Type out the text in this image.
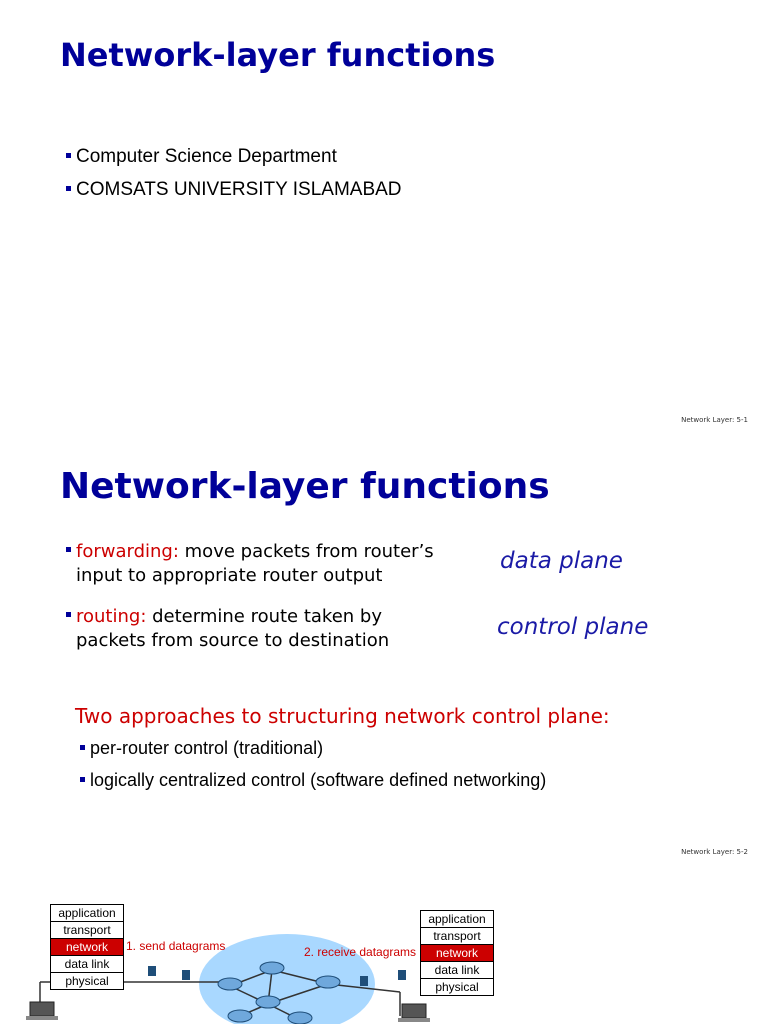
Network-layer functions
Computer Science Department
COMSATS UNIVERSITY ISLAMABAD
Network Layer: 5-1
Network-layer functions
forwarding: move packets from router’s input to appropriate router output
data plane
routing: determine route taken by packets from source to destination
control plane
Two approaches to structuring network control plane:
per-router control (traditional)
logically centralized control (software defined networking)
Network Layer: 5-2
application
transport
network
data link
physical
1. send datagrams
application
transport
network
data link
physical
2. receive datagrams
